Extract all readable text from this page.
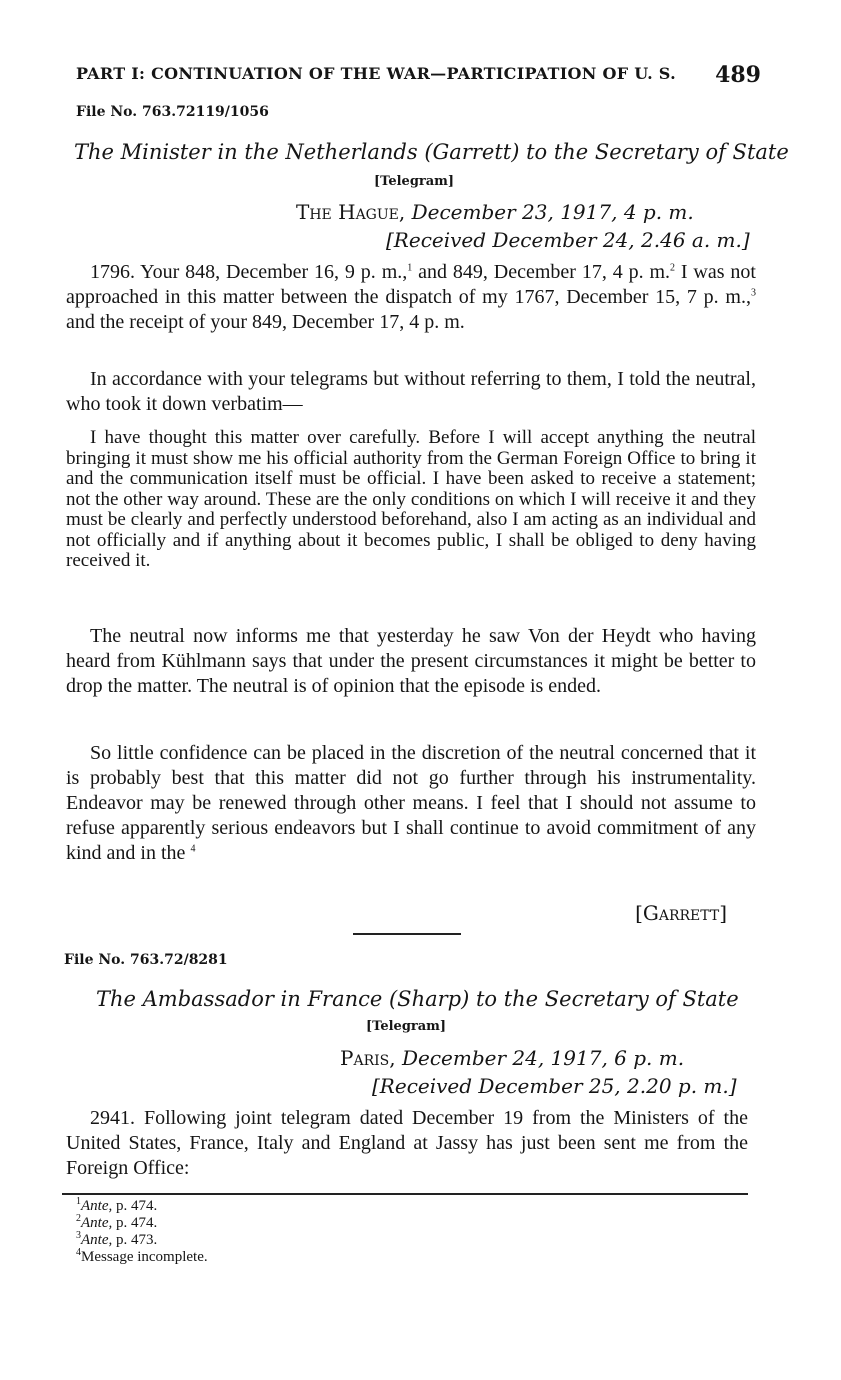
PART I: CONTINUATION OF THE WAR—PARTICIPATION OF U. S. 489
File No. 763.72119/1056
The Minister in the Netherlands (Garrett) to the Secretary of State
[Telegram]
The Hague, December 23, 1917, 4 p. m.
[Received December 24, 2.46 a. m.]
1796. Your 848, December 16, 9 p. m.,$^1$ and 849, December 17, 4 p. m.$^2$ I was not approached in this matter between the dispatch of my 1767, December 15, 7 p. m.,$^3$ and the receipt of your 849, December 17, 4 p. m.
In accordance with your telegrams but without referring to them, I told the neutral, who took it down verbatim—
I have thought this matter over carefully. Before I will accept anything the neutral bringing it must show me his official authority from the German Foreign Office to bring it and the communication itself must be official. I have been asked to receive a statement; not the other way around. These are the only conditions on which I will receive it and they must be clearly and perfectly understood beforehand, also I am acting as an individual and not officially and if anything about it becomes public, I shall be obliged to deny having received it.
The neutral now informs me that yesterday he saw Von der Heydt who having heard from Kühlmann says that under the present circumstances it might be better to drop the matter. The neutral is of opinion that the episode is ended.
So little confidence can be placed in the discretion of the neutral concerned that it is probably best that this matter did not go further through his instrumentality. Endeavor may be renewed through other means. I feel that I should not assume to refuse apparently serious endeavors but I shall continue to avoid commitment of any kind and in the $^4$
[Garrett]
File No. 763.72/8281
The Ambassador in France (Sharp) to the Secretary of State
[Telegram]
Paris, December 24, 1917, 6 p. m.
[Received December 25, 2.20 p. m.]
2941. Following joint telegram dated December 19 from the Ministers of the United States, France, Italy and England at Jassy has just been sent me from the Foreign Office:
$^1$Ante, p. 474.
$^2$Ante, p. 474.
$^3$Ante, p. 473.
$^4$Message incomplete.
